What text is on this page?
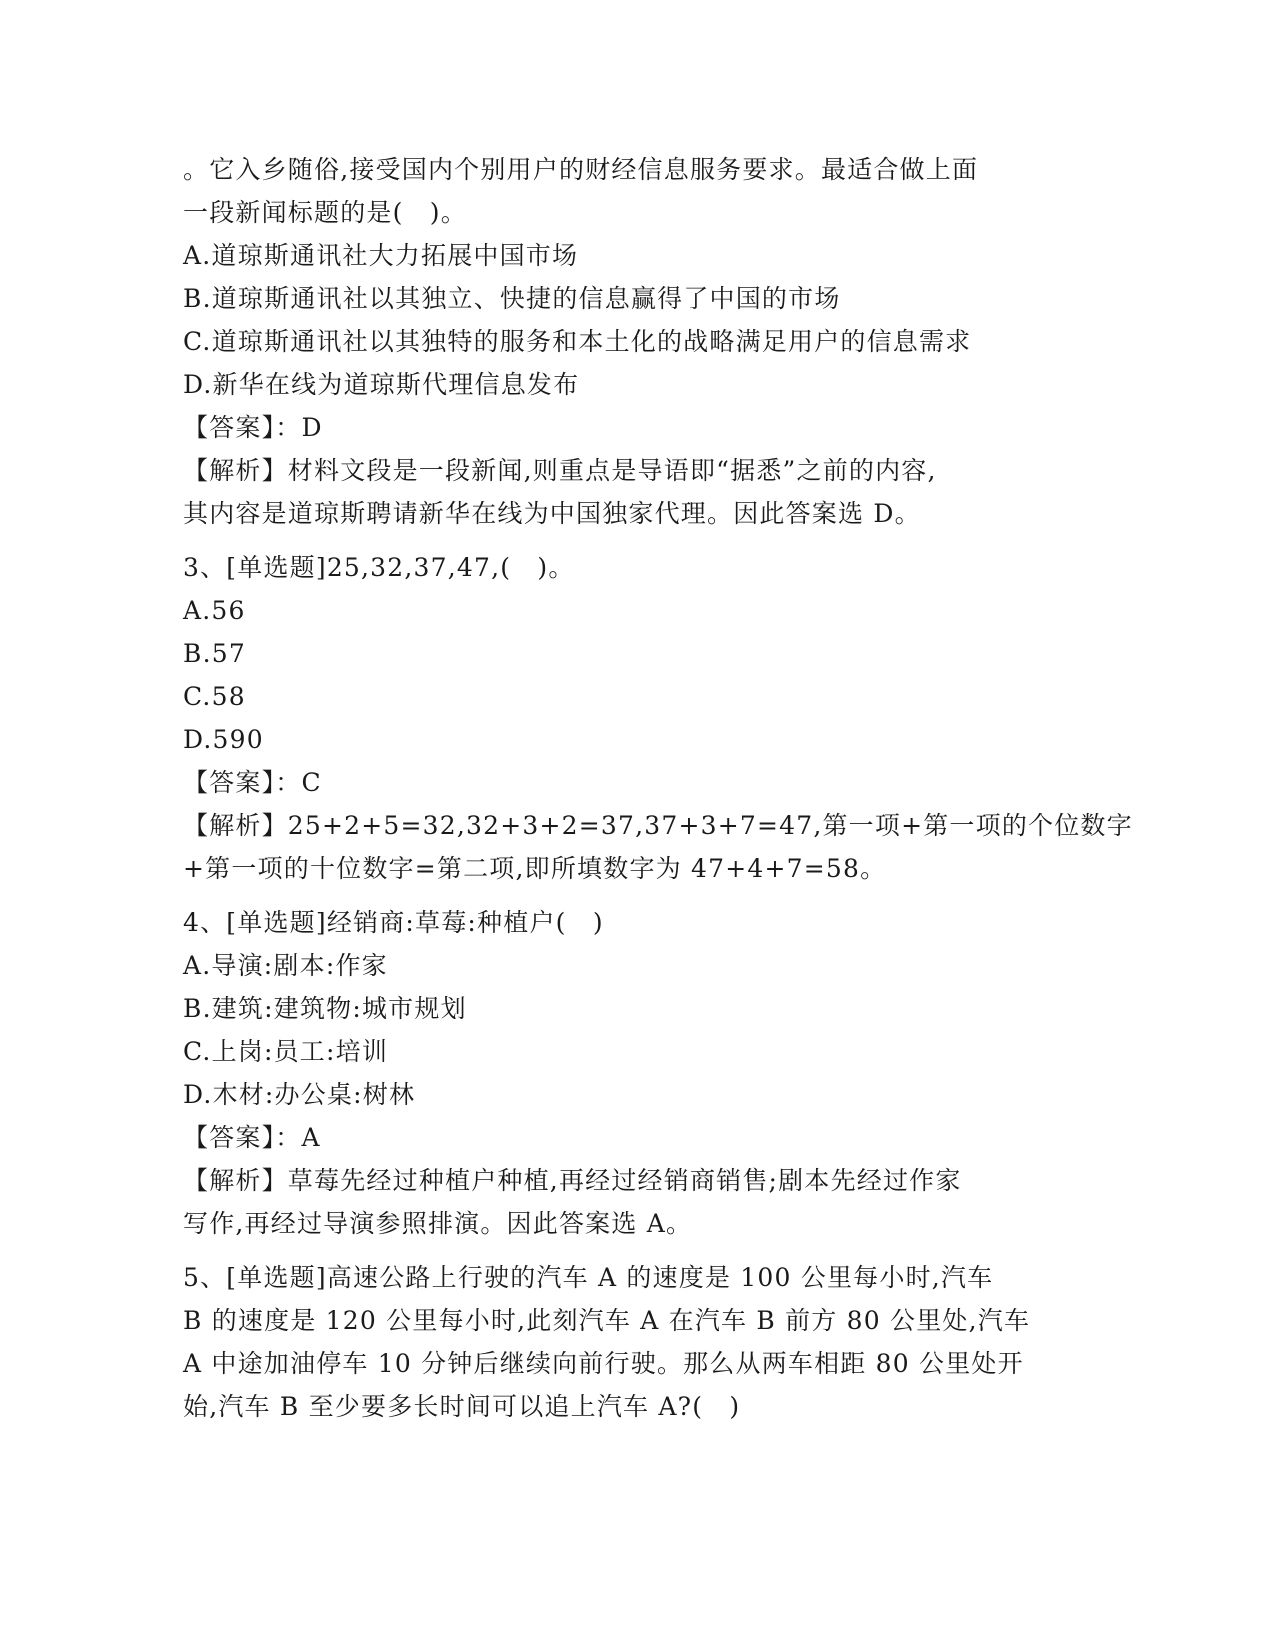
。它入乡随俗,接受国内个别用户的财经信息服务要求。最适合做上面
一段新闻标题的是(　)。
A.道琼斯通讯社大力拓展中国市场
B.道琼斯通讯社以其独立、快捷的信息赢得了中国的市场
C.道琼斯通讯社以其独特的服务和本土化的战略满足用户的信息需求
D.新华在线为道琼斯代理信息发布
【答案】：D
【解析】材料文段是一段新闻,则重点是导语即“据悉”之前的内容,
其内容是道琼斯聘请新华在线为中国独家代理。因此答案选 D。
3、[单选题]25,32,37,47,(　)。
A.56
B.57
C.58
D.590
【答案】：C
【解析】25+2+5=32,32+3+2=37,37+3+7=47,第一项+第一项的个位数字
+第一项的十位数字=第二项,即所填数字为 47+4+7=58。
4、[单选题]经销商:草莓:种植户(　)
A.导演:剧本:作家
B.建筑:建筑物:城市规划
C.上岗:员工:培训
D.木材:办公桌:树林
【答案】：A
【解析】草莓先经过种植户种植,再经过经销商销售;剧本先经过作家
写作,再经过导演参照排演。因此答案选 A。
5、[单选题]高速公路上行驶的汽车 A 的速度是 100 公里每小时,汽车
B 的速度是 120 公里每小时,此刻汽车 A 在汽车 B 前方 80 公里处,汽车
A 中途加油停车 10 分钟后继续向前行驶。那么从两车相距 80 公里处开
始,汽车 B 至少要多长时间可以追上汽车 A?(　)
